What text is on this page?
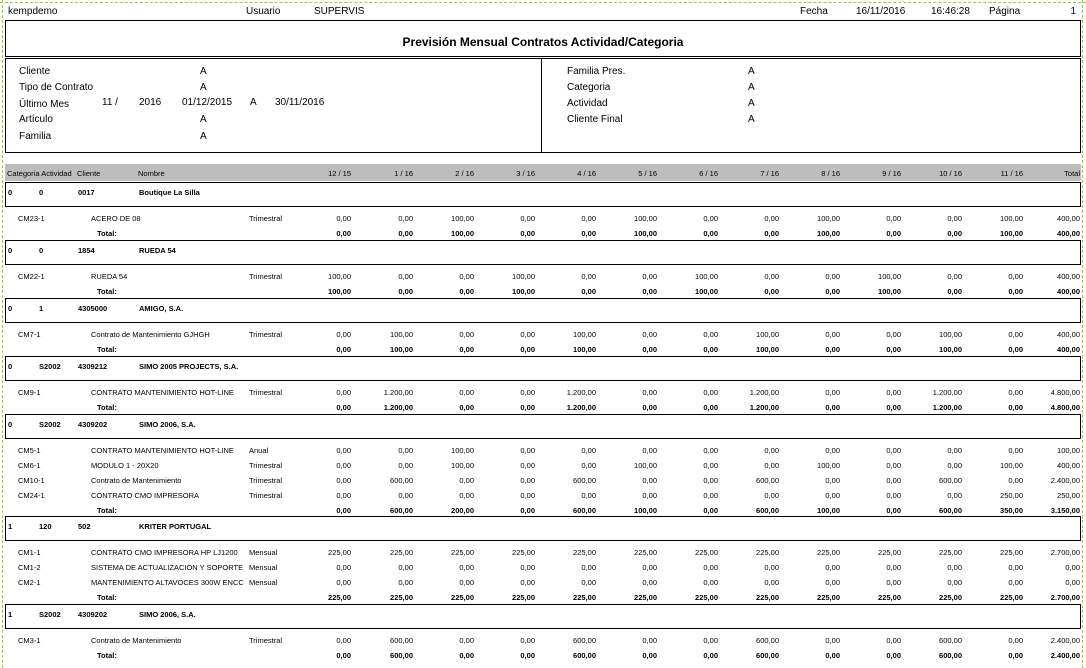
kempdemo	Usuario	SUPERVIS	Fecha	16/11/2016	16:46:28 Página	1
Previsión Mensual Contratos Actividad/Categoria
Cliente	A
Tipo de Contrato	A
Último Mes	11 / 2016 01/12/2015 A 30/11/2016
Artículo	A
Familia	A
Familia Pres.	A
Categoria	A
Actividad	A
Cliente Final	A
Categoria Actividad Cliente	Nombre	12 / 15	1 / 16	2 / 16	3 / 16	4 / 16	5 / 16	6 / 16	7 / 16	8 / 16	9 / 16	10 / 16	11 / 16	Total
0	0	0017	Boutique La Silla
CM23-1	ACERO DE 08	Trimestral	0,00	0,00	100,00	0,00	0,00	100,00	0,00	0,00	100,00	0,00	0,00	100,00	400,00
Total:	0,00	0,00	100,00	0,00	0,00	100,00	0,00	0,00	100,00	0,00	0,00	100,00	400,00
0	0	1854	RUEDA 54
CM22-1	RUEDA 54	Trimestral	100,00	0,00	0,00	100,00	0,00	0,00	100,00	0,00	0,00	100,00	0,00	0,00	400,00
Total:	100,00	0,00	0,00	100,00	0,00	0,00	100,00	0,00	0,00	100,00	0,00	0,00	400,00
0	1	4305000	AMIGO, S.A.
CM7-1	Contrato de Mantenimiento GJHGH	Trimestral	0,00	100,00	0,00	0,00	100,00	0,00	0,00	100,00	0,00	0,00	100,00	0,00	400,00
Total:	0,00	100,00	0,00	0,00	100,00	0,00	0,00	100,00	0,00	0,00	100,00	0,00	400,00
0	S2002 4309212	SIMO 2005 PROJECTS, S.A.
CM9-1	CONTRATO MANTENIMIENTO HOT-LINE Trimestral	0,00	1.200,00	0,00	0,00	1.200,00	0,00	0,00	1.200,00	0,00	0,00	1.200,00	0,00	4.800,00
Total:	0,00	1.200,00	0,00	0,00	1.200,00	0,00	0,00	1.200,00	0,00	0,00	1.200,00	0,00	4.800,00
0	S2002 4309202	SIMO 2006, S.A.
CM5-1	CONTRATO MANTENIMIENTO HOT-LINE Anual	0,00	0,00	100,00	0,00	0,00	0,00	0,00	0,00	0,00	0,00	0,00	0,00	100,00
CM6-1	MODULO 1 - 20X20	Trimestral	0,00	0,00	100,00	0,00	0,00	100,00	0,00	0,00	100,00	0,00	0,00	100,00	400,00
CM10-1	Contrato de Mantenimiento	Trimestral	0,00	600,00	0,00	0,00	600,00	0,00	0,00	600,00	0,00	0,00	600,00	0,00	2.400,00
CM24-1	CONTRATO CMO IMPRESORA	Trimestral	0,00	0,00	0,00	0,00	0,00	0,00	0,00	0,00	0,00	0,00	0,00	250,00	250,00
Total:	0,00	600,00	200,00	0,00	600,00	100,00	0,00	600,00	100,00	0,00	600,00	350,00	3.150,00
1	120	502	KRITER PORTUGAL
CM1-1	CONTRATO CMO IMPRESORA HP LJ1200 Mensual	225,00	225,00	225,00	225,00	225,00	225,00	225,00	225,00	225,00	225,00	225,00	225,00	2.700,00
CM1-2	SISTEMA DE ACTUALIZACION Y SOPORTE Mensual	0,00	0,00	0,00	0,00	0,00	0,00	0,00	0,00	0,00	0,00	0,00	0,00	0,00
CM2-1	MANTENIMIENTO ALTAVOCES 300W ENCC Mensual	0,00	0,00	0,00	0,00	0,00	0,00	0,00	0,00	0,00	0,00	0,00	0,00	0,00
Total:	225,00	225,00	225,00	225,00	225,00	225,00	225,00	225,00	225,00	225,00	225,00	225,00	2.700,00
1	S2002 4309202	SIMO 2006, S.A.
CM3-1	Contrato de Mantenimiento	Trimestral	0,00	600,00	0,00	0,00	600,00	0,00	0,00	600,00	0,00	0,00	600,00	0,00	2.400,00
Total:	0,00	600,00	0,00	0,00	600,00	0,00	0,00	600,00	0,00	0,00	600,00	0,00	2.400,00
